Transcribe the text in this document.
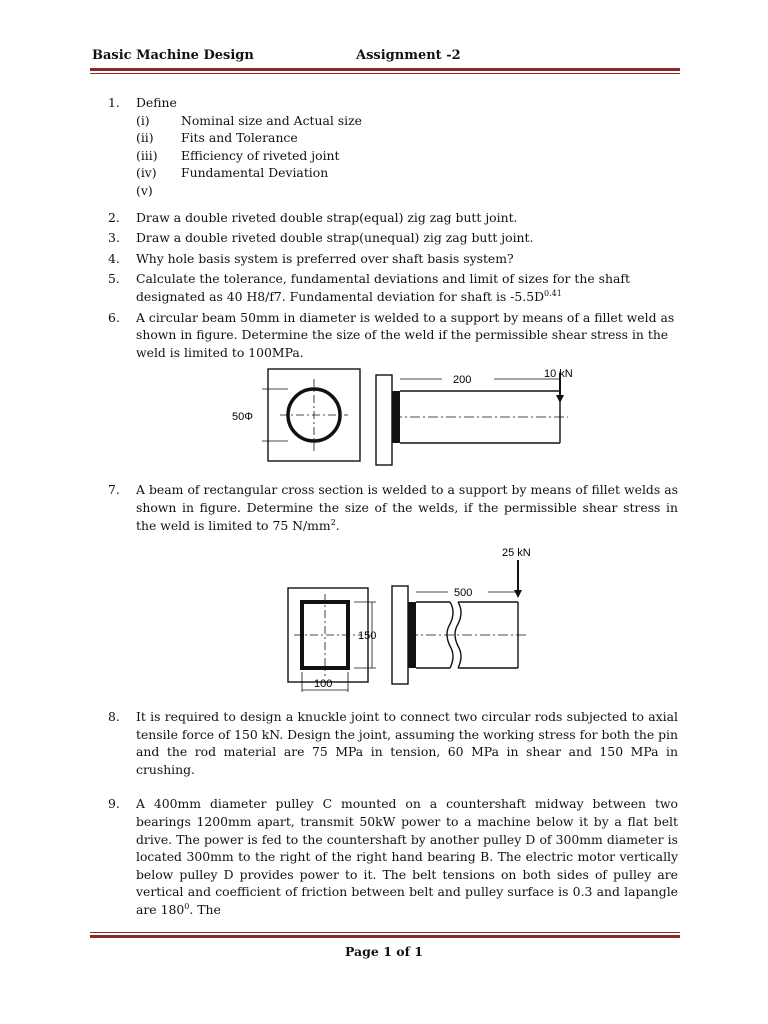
Basic Machine Design	Assignment -2
1. Define
(i)	Nominal size and Actual size
(ii)	Fits and Tolerance
(iii)	Efficiency of riveted joint
(iv)	Fundamental Deviation
(v)
2. Draw a double riveted double strap(equal) zig zag butt joint.
3. Draw a double riveted double strap(unequal) zig zag butt joint.
4. Why hole basis system is preferred over shaft basis system?
5. Calculate the tolerance, fundamental deviations and limit of sizes for the shaft designated as 40 H8/f7. Fundamental deviation for shaft is $-5.5D^{0.41}$
6. A circular beam 50mm in diameter is welded to a support by means of a fillet weld as shown in figure. Determine the size of the weld if the permissible shear stress in the weld is limited to 100MPa.
50Φ
200	10 kN
7. A beam of rectangular cross section is welded to a support by means of fillet welds as shown in figure. Determine the size of the welds, if the permissible shear stress in the weld is limited to 75 $N/mm^2$.
500
25 kN
150
100
8. It is required to design a knuckle joint to connect two circular rods subjected to axial tensile force of 150 kN. Design the joint, assuming the working stress for both the pin and the rod material are 75 MPa in tension, 60 MPa in shear and 150 MPa in crushing.
9. A 400mm diameter pulley C mounted on a countershaft midway between two bearings 1200mm apart, transmit 50kW power to a machine below it by a flat belt drive. The power is fed to the countershaft by another pulley D of 300mm diameter is located 300mm to the right of the right hand bearing B. The electric motor vertically below pulley D provides power to it. The belt tensions on both sides of pulley are vertical and coefficient of friction between belt and pulley surface is 0.3 and lapangle are $180^0$. The
Page 1 of 1
